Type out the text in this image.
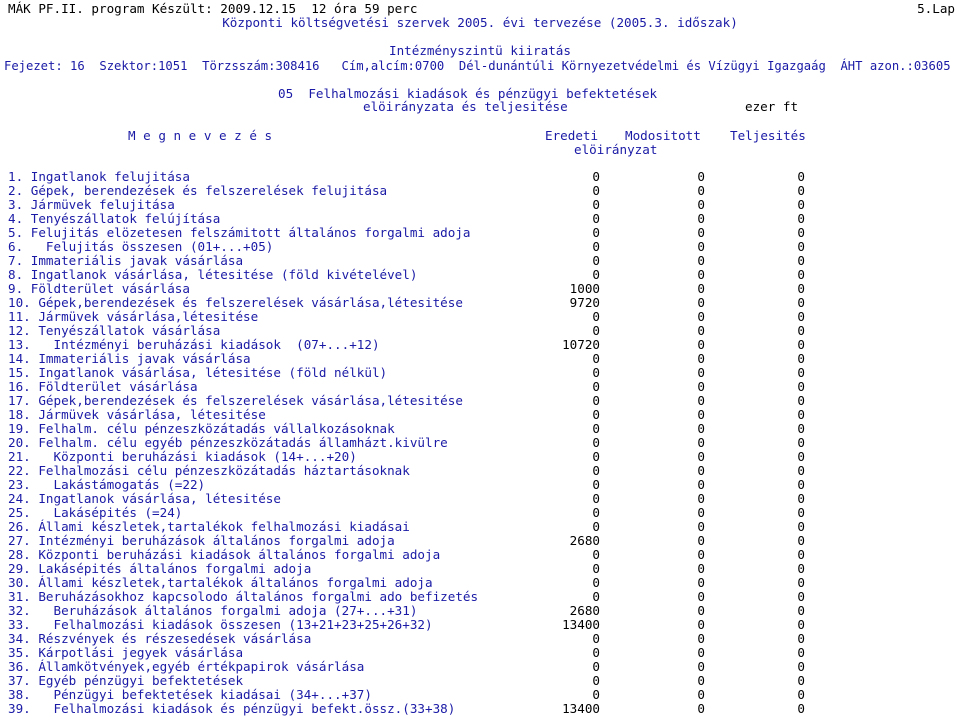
MÁK PF.II. program Készült: 2009.12.15  12 óra 59 perc	5.Lap
Központi költségvetési szervek 2005. évi tervezése (2005.3. időszak)
Intézményszintü kiiratás
Fejezet: 16  Szektor:1051  Törzsszám:308416   Cím,alcím:0700  Dél-dunántúli Környezetvédelmi és Vízügyi Igazgaág  ÁHT azon.:03605
05  Felhalmozási kiadások és pénzügyi befektetések
elöirányzata és teljesitése	ezer ft
M e g n e v e z é s	Eredeti Modositott Teljesités
elöirányzat
1. Ingatlanok felujitása	0	0	0
2. Gépek, berendezések és felszerelések felujitása	0	0	0
3. Jármüvek felujitása	0	0	0
4. Tenyészállatok felújítása	0	0	0
5. Felujitás elözetesen felszámitott általános forgalmi adoja	0	0	0
6.   Felujitás összesen (01+...+05)	0	0	0
7. Immateriális javak vásárlása	0	0	0
8. Ingatlanok vásárlása, létesitése (föld kivételével)	0	0	0
9. Földterület vásárlása	1000	0	0
10. Gépek,berendezések és felszerelések vásárlása,létesitése	9720	0	0
11. Jármüvek vásárlása,létesitése	0	0	0
12. Tenyészállatok vásárlása	0	0	0
13.   Intézményi beruházási kiadások  (07+...+12)	10720	0	0
14. Immateriális javak vásárlása	0	0	0
15. Ingatlanok vásárlása, létesitése (föld nélkül)	0	0	0
16. Földterület vásárlása	0	0	0
17. Gépek,berendezések és felszerelések vásárlása,létesitése	0	0	0
18. Jármüvek vásárlása, létesitése	0	0	0
19. Felhalm. célu pénzeszközátadás vállalkozásoknak	0	0	0
20. Felhalm. célu egyéb pénzeszközátadás államházt.kivülre	0	0	0
21.   Központi beruházási kiadások (14+...+20)	0	0	0
22. Felhalmozási célu pénzeszközátadás háztartásoknak	0	0	0
23.   Lakástámogatás (=22)	0	0	0
24. Ingatlanok vásárlása, létesitése	0	0	0
25.   Lakásépités (=24)	0	0	0
26. Állami készletek,tartalékok felhalmozási kiadásai	0	0	0
27. Intézményi beruházások általános forgalmi adoja	2680	0	0
28. Központi beruházási kiadások általános forgalmi adoja	0	0	0
29. Lakásépités általános forgalmi adoja	0	0	0
30. Állami készletek,tartalékok általános forgalmi adoja	0	0	0
31. Beruházásokhoz kapcsolodo általános forgalmi ado befizetés	0	0	0
32.   Beruházások általános forgalmi adoja (27+...+31)	2680	0	0
33.   Felhalmozási kiadások összesen (13+21+23+25+26+32)	13400	0	0
34. Részvények és részesedések vásárlása	0	0	0
35. Kárpotlási jegyek vásárlása	0	0	0
36. Államkötvények,egyéb értékpapirok vásárlása	0	0	0
37. Egyéb pénzügyi befektetések	0	0	0
38.   Pénzügyi befektetések kiadásai (34+...+37)	0	0	0
39.   Felhalmozási kiadások és pénzügyi befekt.össz.(33+38)	13400	0	0
